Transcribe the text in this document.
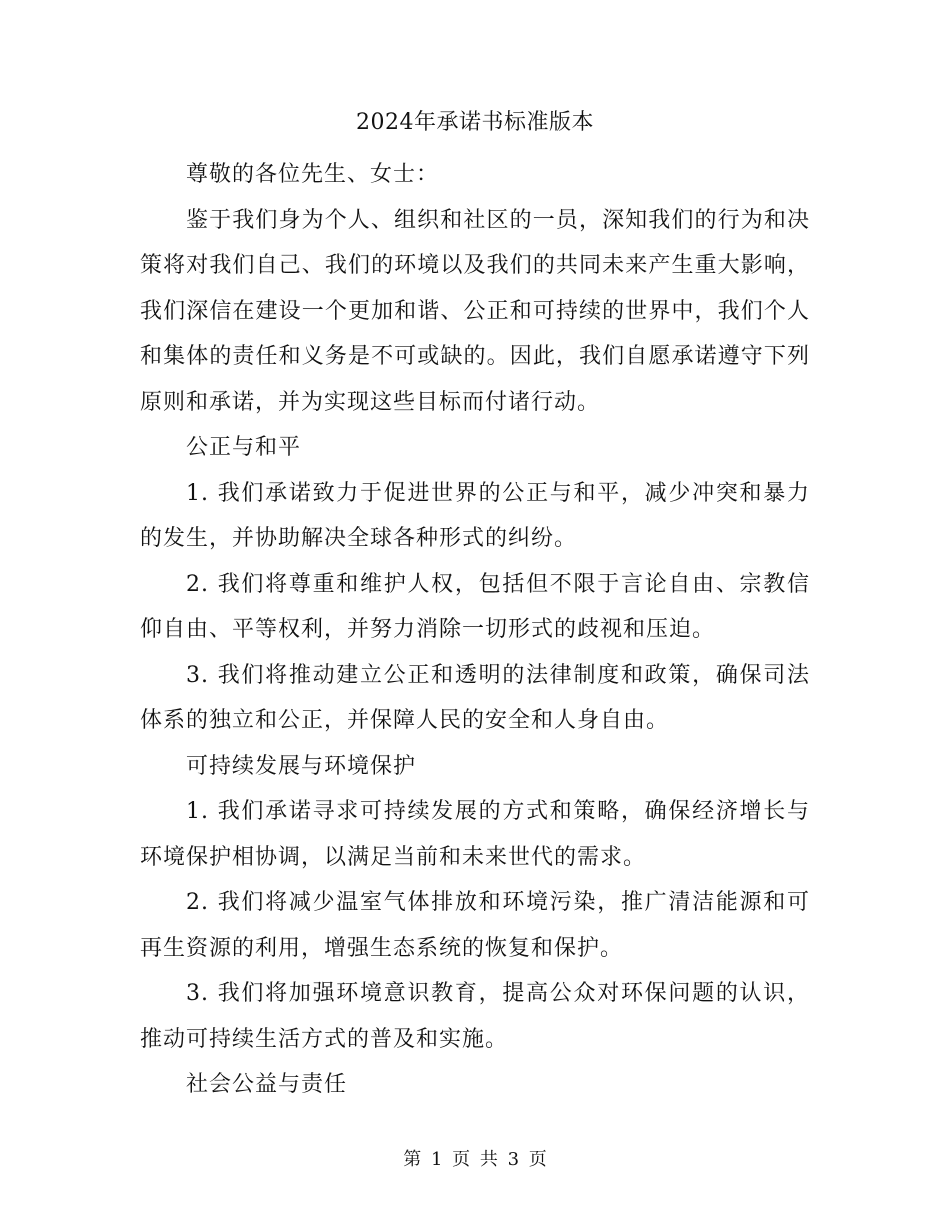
2024年承诺书标准版本

尊敬的各位先生、女士：

鉴于我们身为个人、组织和社区的一员，深知我们的行为和决策将对我们自己、我们的环境以及我们的共同未来产生重大影响，我们深信在建设一个更加和谐、公正和可持续的世界中，我们个人和集体的责任和义务是不可或缺的。因此，我们自愿承诺遵守下列原则和承诺，并为实现这些目标而付诸行动。

公正与和平

1. 我们承诺致力于促进世界的公正与和平，减少冲突和暴力的发生，并协助解决全球各种形式的纠纷。

2. 我们将尊重和维护人权，包括但不限于言论自由、宗教信仰自由、平等权利，并努力消除一切形式的歧视和压迫。

3. 我们将推动建立公正和透明的法律制度和政策，确保司法体系的独立和公正，并保障人民的安全和人身自由。

可持续发展与环境保护

1. 我们承诺寻求可持续发展的方式和策略，确保经济增长与环境保护相协调，以满足当前和未来世代的需求。

2. 我们将减少温室气体排放和环境污染，推广清洁能源和可再生资源的利用，增强生态系统的恢复和保护。

3. 我们将加强环境意识教育，提高公众对环保问题的认识，推动可持续生活方式的普及和实施。

社会公益与责任

第 1 页 共 3 页
